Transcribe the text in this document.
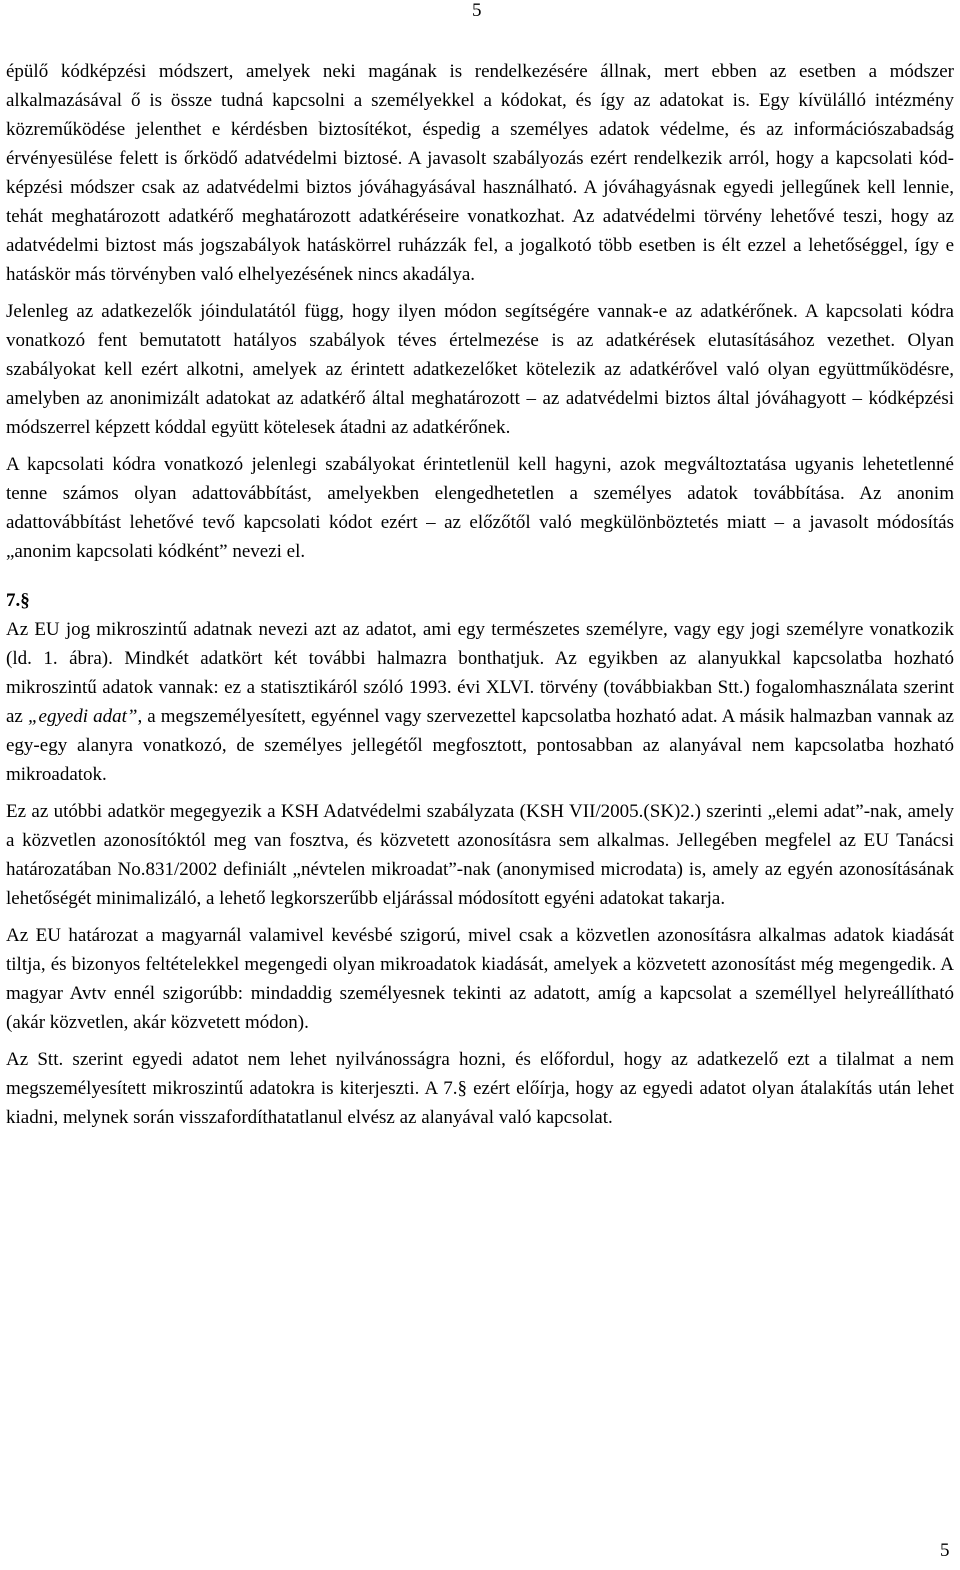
5

épülő kódképzési módszert, amelyek neki magának is rendelkezésére állnak, mert ebben az esetben a módszer alkalmazásával ő is össze tudná kapcsolni a személyekkel a kódokat, és így az adatokat is. Egy kívülálló intézmény közreműködése jelenthet e kérdésben biztosítékot, éspedig a személyes adatok védelme, és az információszabadság érvényesülése felett is őrködő adatvédelmi biztosé. A javasolt szabályozás ezért rendelkezik arról, hogy a kapcsolati kód-képzési módszer csak az adatvédelmi biztos jóváhagyásával használható. A jóváhagyásnak egyedi jellegűnek kell lennie, tehát meghatározott adatkérő meghatározott adatkéréseire vonatkozhat. Az adatvédelmi törvény lehetővé teszi, hogy az adatvédelmi biztost más jogszabályok hatáskörrel ruházzák fel, a jogalkotó több esetben is élt ezzel a lehetőséggel, így e hatáskör más törvényben való elhelyezésének nincs akadálya.

Jelenleg az adatkezelők jóindulatától függ, hogy ilyen módon segítségére vannak-e az adatkérőnek. A kapcsolati kódra vonatkozó fent bemutatott hatályos szabályok téves értelmezése is az adatkérések elutasításához vezethet. Olyan szabályokat kell ezért alkotni, amelyek az érintett adatkezelőket kötelezik az adatkérővel való olyan együttműködésre, amelyben az anonimizált adatokat az adatkérő által meghatározott – az adatvédelmi biztos által jóváhagyott – kódképzési módszerrel képzett kóddal együtt kötelesek átadni az adatkérőnek.

A kapcsolati kódra vonatkozó jelenlegi szabályokat érintetlenül kell hagyni, azok megváltoztatása ugyanis lehetetlenné tenne számos olyan adattovábbítást, amelyekben elengedhetetlen a személyes adatok továbbítása. Az anonim adattovábbítást lehetővé tevő kapcsolati kódot ezért – az előzőtől való megkülönböztetés miatt – a javasolt módosítás „anonim kapcsolati kódként” nevezi el.

7.§

Az EU jog mikroszintű adatnak nevezi azt az adatot, ami egy természetes személyre, vagy egy jogi személyre vonatkozik (ld. 1. ábra). Mindkét adatkört két további halmazra bonthatjuk. Az egyikben az alanyukkal kapcsolatba hozható mikroszintű adatok vannak: ez a statisztikáról szóló 1993. évi XLVI. törvény (továbbiakban Stt.) fogalomhasználata szerint az „egyedi adat”, a megszemélyesített, egyénnel vagy szervezettel kapcsolatba hozható adat. A másik halmazban vannak az egy-egy alanyra vonatkozó, de személyes jellegétől megfosztott, pontosabban az alanyával nem kapcsolatba hozható mikroadatok.

Ez az utóbbi adatkör megegyezik a KSH Adatvédelmi szabályzata (KSH VII/2005.(SK)2.) szerinti „elemi adat”-nak, amely a közvetlen azonosítóktól meg van fosztva, és közvetett azonosításra sem alkalmas. Jellegében megfelel az EU Tanácsi határozatában No.831/2002 definiált „névtelen mikroadat”-nak (anonymised microdata) is, amely az egyén azonosításának lehetőségét minimalizáló, a lehető legkorszerűbb eljárással módosított egyéni adatokat takarja.

Az EU határozat a magyarnál valamivel kevésbé szigorú, mivel csak a közvetlen azonosításra alkalmas adatok kiadását tiltja, és bizonyos feltételekkel megengedi olyan mikroadatok kiadását, amelyek a közvetett azonosítást még megengedik. A magyar Avtv ennél szigorúbb: mindaddig személyesnek tekinti az adatott, amíg a kapcsolat a személlyel helyreállítható (akár közvetlen, akár közvetett módon).

Az Stt. szerint egyedi adatot nem lehet nyilvánosságra hozni, és előfordul, hogy az adatkezelő ezt a tilalmat a nem megszemélyesített mikroszintű adatokra is kiterjeszti. A 7.§ ezért előírja, hogy az egyedi adatot olyan átalakítás után lehet kiadni, melynek során visszafordíthatatlanul elvész az alanyával való kapcsolat.

5
